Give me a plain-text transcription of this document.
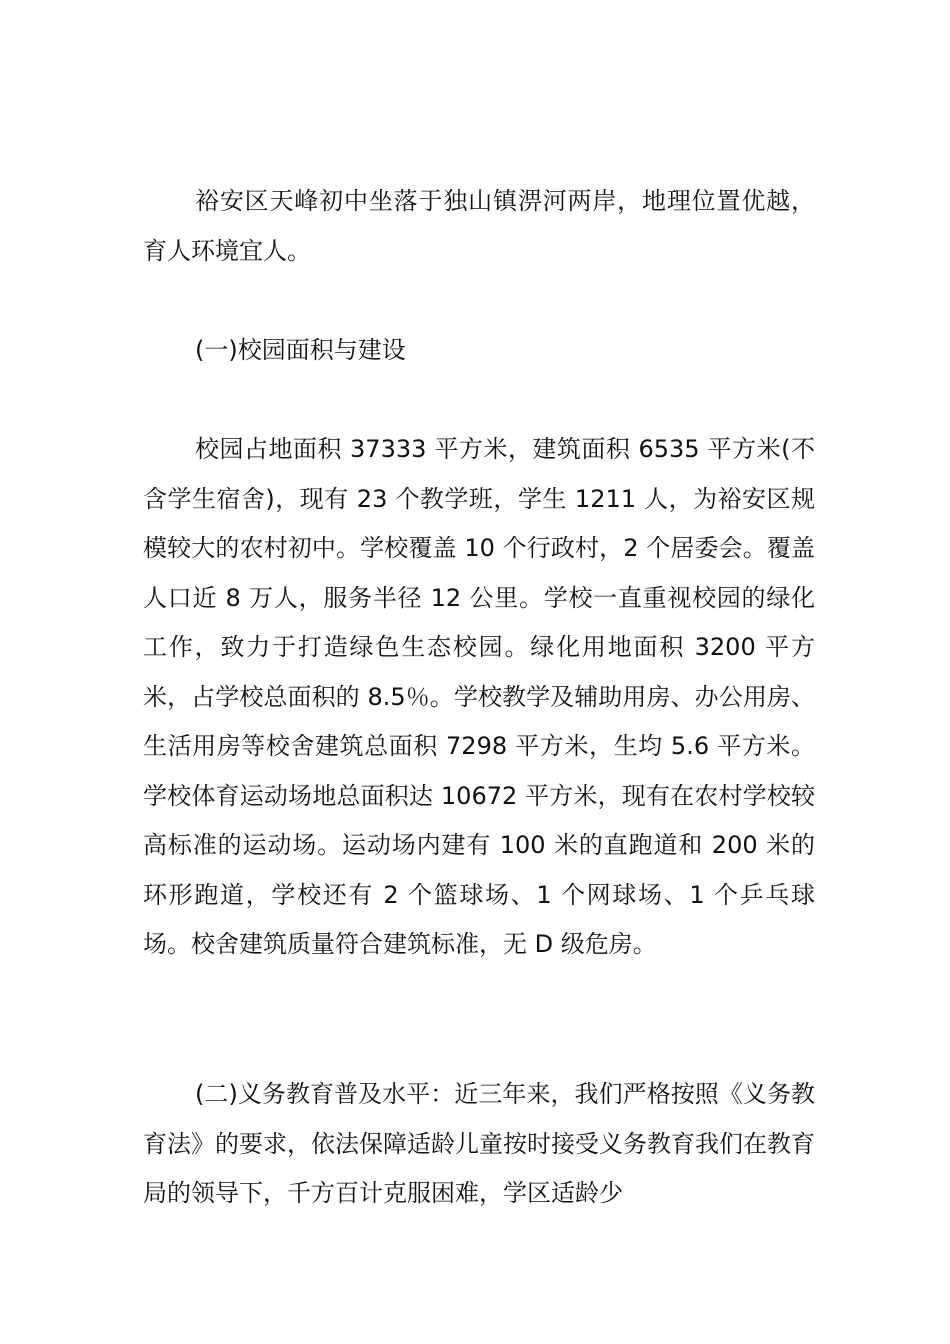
裕安区天峰初中坐落于独山镇淠河两岸，地理位置优越，育人环境宜人。

(一)校园面积与建设

校园占地面积 37333 平方米，建筑面积 6535 平方米(不含学生宿舍)，现有 23 个教学班，学生 1211 人，为裕安区规模较大的农村初中。学校覆盖 10 个行政村，2 个居委会。覆盖人口近 8 万人，服务半径 12 公里。学校一直重视校园的绿化工作，致力于打造绿色生态校园。绿化用地面积 3200 平方米，占学校总面积的 8.5％。学校教学及辅助用房、办公用房、生活用房等校舍建筑总面积 7298 平方米，生均 5.6 平方米。学校体育运动场地总面积达 10672 平方米，现有在农村学校较高标准的运动场。运动场内建有 100 米的直跑道和 200 米的环形跑道，学校还有 2 个篮球场、1 个网球场、1 个乒乓球场。校舍建筑质量符合建筑标准，无 D 级危房。

(二)义务教育普及水平：近三年来，我们严格按照《义务教育法》的要求，依法保障适龄儿童按时接受义务教育我们在教育局的领导下，千方百计克服困难，学区适龄少
